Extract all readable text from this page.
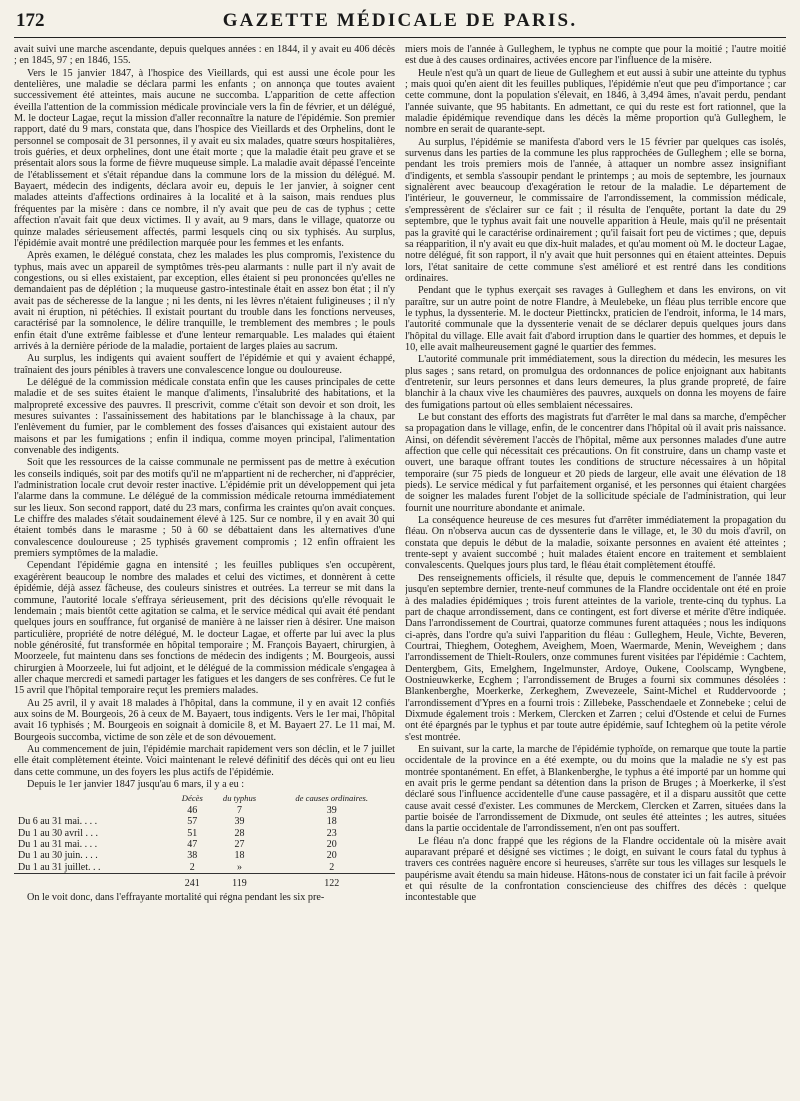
172	GAZETTE MÉDICALE DE PARIS.

avait suivi une marche ascendante, depuis quelques années : en 1844, il y avait eu 406 décès ; en 1845, 97 ; en 1846, 155.

Vers le 15 janvier 1847, à l'hospice des Vieillards, qui est aussi une école pour les dentelières, une maladie se déclara parmi les enfants ; on annonça que toutes avaient successivement été atteintes, mais aucune ne succomba. L'apparition de cette affection éveilla l'attention de la commission médicale provinciale vers la fin de février, et un délégué, M. le docteur Lagae, reçut la mission d'aller reconnaître la nature de l'épidémie. Son premier rapport, daté du 9 mars, constata que, dans l'hospice des Vieillards et des Orphelins, dont le personnel se composait de 31 personnes, il y avait eu six malades, quatre sœurs hospitalières, trois guéries, et deux orphelines, dont une était morte ; que la maladie était peu grave et se présentait alors sous la forme de fièvre muqueuse simple. La maladie avait dépassé l'enceinte de l'établissement et s'était répandue dans la commune lors de la mission du délégué. M. Bayaert, médecin des indigents, déclara avoir eu, depuis le 1er janvier, à soigner cent malades atteints d'affections ordinaires à la localité et à la saison, mais rendues plus fréquentes par la misère : dans ce nombre, il n'y avait que peu de cas de typhus ; cette affection n'avait fait que deux victimes. Il y avait, au 9 mars, dans le village, quatorze ou quinze malades sérieusement affectés, parmi lesquels cinq ou six typhisés. Au surplus, l'épidémie avait montré une prédilection marquée pour les femmes et les enfants.

Après examen, le délégué constata, chez les malades les plus compromis, l'existence du typhus, mais avec un appareil de symptômes très-peu alarmants : nulle part il n'y avait de congestions, ou si elles existaient, par exception, elles étaient si peu prononcées qu'elles ne demandaient pas de déplétion ; la muqueuse gastro-intestinale était en assez bon état ; il n'y avait pas de sécheresse de la langue ; ni les dents, ni les lèvres n'étaient fuligineuses ; il n'y avait ni éruption, ni pétéchies. Il existait pourtant du trouble dans les fonctions nerveuses, caractérisé par la somnolence, le délire tranquille, le tremblement des membres ; le pouls enfin était d'une extrême faiblesse et d'une lenteur remarquable. Les malades qui étaient arrivés à la dernière période de la maladie, portaient de larges plaies au sacrum.

Au surplus, les indigents qui avaient souffert de l'épidémie et qui y avaient échappé, traînaient des jours pénibles à travers une convalescence longue ou douloureuse.

Le délégué de la commission médicale constata enfin que les causes principales de cette maladie et de ses suites étaient le manque d'aliments, l'insalubrité des habitations, et la malpropreté excessive des pauvres. Il prescrivit, comme c'était son devoir et son droit, les mesures suivantes : l'assainissement des habitations par le blanchissage à la chaux, par l'enlèvement du fumier, par le comblement des fosses d'aisances qui existaient autour des maisons et par les fumigations ; enfin il indiqua, comme moyen principal, l'alimentation convenable des indigents.

Soit que les ressources de la caisse communale ne permissent pas de mettre à exécution les conseils indiqués, soit par des motifs qu'il ne m'appartient ni de rechercher, ni d'apprécier, l'administration locale crut devoir rester inactive. L'épidémie prit un développement qui jeta l'alarme dans la commune. Le délégué de la commission médicale retourna immédiatement sur les lieux. Son second rapport, daté du 23 mars, confirma les craintes qu'on avait conçues. Le chiffre des malades s'était soudainement élevé à 125. Sur ce nombre, il y en avait 30 qui étaient tombés dans le marasme ; 50 à 60 se débattaient dans les alternatives d'une convalescence douloureuse ; 25 typhisés gravement compromis ; 12 enfin offraient les premiers symptômes de la maladie.

Cependant l'épidémie gagna en intensité ; les feuilles publiques s'en occupèrent, exagérèrent beaucoup le nombre des malades et celui des victimes, et donnèrent à cette épidémie, déjà assez fâcheuse, des couleurs sinistres et outrées. La terreur se mit dans la commune, l'autorité locale s'effraya sérieusement, prit des décisions qu'elle révoquait le lendemain ; mais bientôt cette agitation se calma, et le service médical qui avait été pendant quelques jours en souffrance, fut organisé de manière à ne laisser rien à désirer. Une maison particulière, propriété de notre délégué, M. le docteur Lagae, et offerte par lui avec la plus noble générosité, fut transformée en hôpital temporaire ; M. François Bayaert, chirurgien, à Moorzeele, fut maintenu dans ses fonctions de médecin des indigents ; M. Bourgeois, aussi chirurgien à Moorzeele, lui fut adjoint, et le délégué de la commission médicale s'engagea à aller chaque mercredi et samedi partager les fatigues et les dangers de ses confrères. Ce fut le 15 avril que l'hôpital temporaire reçut les premiers malades.

Au 25 avril, il y avait 18 malades à l'hôpital, dans la commune, il y en avait 12 confiés aux soins de M. Bourgeois, 26 à ceux de M. Bayaert, tous indigents. Vers le 1er mai, l'hôpital avait 16 typhisés ; M. Bourgeois en soignait à domicile 8, et M. Bayaert 27. Le 11 mai, M. Bourgeois succomba, victime de son zèle et de son dévouement.

Au commencement de juin, l'épidémie marchait rapidement vers son déclin, et le 7 juillet elle était complètement éteinte. Voici maintenant le relevé définitif des décès qui ont eu lieu dans cette commune, un des foyers les plus actifs de l'épidémie.

Depuis le 1er janvier 1847 jusqu'au 6 mars, il y a eu :

	Décès	du typhus	de causes ordinaires.
	46	7	39
Du 6 au 31 mai. . . .	57	39	18
Du 1 au 30 avril . . .	51	28	23
Du 1 au 31 mai. . . .	47	27	20
Du 1 au 30 juin. . . .	38	18	20
Du 1 au 31 juillet. . .	2	»	2

	241	119	122

On le voit donc, dans l'effrayante mortalité qui régna pendant les six pre-

miers mois de l'année à Gulleghem, le typhus ne compte que pour la moitié ; l'autre moitié est due à des causes ordinaires, activées encore par l'influence de la misère.

Heule n'est qu'à un quart de lieue de Gulleghem et eut aussi à subir une atteinte du typhus ; mais quoi qu'en aient dit les feuilles publiques, l'épidémie n'eut que peu d'importance ; car cette commune, dont la population s'élevait, en 1846, à 3,494 âmes, n'avait perdu, pendant l'année suivante, que 95 habitants. En admettant, ce qui du reste est fort rationnel, que la maladie épidémique revendique dans les décès la même proportion qu'à Gulleghem, le nombre en serait de quarante-sept.

Au surplus, l'épidémie se manifesta d'abord vers le 15 février par quelques cas isolés, survenus dans les parties de la commune les plus rapprochées de Gulleghem ; elle se borna, pendant les trois premiers mois de l'année, à attaquer un nombre assez insignifiant d'indigents, et sembla s'assoupir pendant le printemps ; au mois de septembre, les journaux signalèrent avec beaucoup d'exagération le retour de la maladie. Le département de l'intérieur, le gouverneur, le commissaire de l'arrondissement, la commission médicale, s'empressèrent de s'éclairer sur ce fait ; il résulta de l'enquête, portant la date du 29 septembre, que le typhus avait fait une nouvelle apparition à Heule, mais qu'il ne présentait pas la gravité qui le caractérise ordinairement ; qu'il faisait fort peu de victimes ; que, depuis sa réapparition, il n'y avait eu que dix-huit malades, et qu'au moment où M. le docteur Lagae, notre délégué, fit son rapport, il n'y avait que huit personnes qui en étaient atteintes. Depuis lors, l'état sanitaire de cette commune s'est amélioré et est rentré dans les conditions ordinaires.

Pendant que le typhus exerçait ses ravages à Gulleghem et dans les environs, on vit paraître, sur un autre point de notre Flandre, à Meulebeke, un fléau plus terrible encore que le typhus, la dyssenterie. M. le docteur Piettinckx, praticien de l'endroit, informa, le 14 mars, l'autorité communale que la dyssenterie venait de se déclarer depuis quelques jours dans l'hôpital du village. Elle avait fait d'abord irruption dans le quartier des hommes, et depuis le 10, elle avait malheureusement gagné le quartier des femmes.

L'autorité communale prit immédiatement, sous la direction du médecin, les mesures les plus sages ; sans retard, on promulgua des ordonnances de police enjoignant aux habitants d'entretenir, sur leurs personnes et dans leurs demeures, la plus grande propreté, de faire blanchir à la chaux vive les chaumières des pauvres, auxquels on donna les moyens de faire des fumigations partout où elles semblaient nécessaires.

Le but constant des efforts des magistrats fut d'arrêter le mal dans sa marche, d'empêcher sa propagation dans le village, enfin, de le concentrer dans l'hôpital où il avait pris naissance. Ainsi, on défendit sévèrement l'accès de l'hôpital, même aux personnes malades d'une autre affection que celle qui nécessitait ces précautions. On fit construire, dans un champ vaste et ouvert, une baraque offrant toutes les conditions de structure nécessaires à un hôpital temporaire (sur 75 pieds de longueur et 20 pieds de largeur, elle avait une élévation de 18 pieds). Le service médical y fut parfaitement organisé, et les personnes qui étaient chargées de soigner les malades furent l'objet de la sollicitude spéciale de l'administration, qui leur fournit une nourriture abondante et animale.

La conséquence heureuse de ces mesures fut d'arrêter immédiatement la propagation du fléau. On n'observa aucun cas de dyssenterie dans le village, et, le 30 du mois d'avril, on constata que depuis le début de la maladie, soixante personnes en avaient été atteintes ; trente-sept y avaient succombé ; huit malades étaient encore en traitement et semblaient convalescents. Quelques jours plus tard, le fléau était complètement étouffé.

Des renseignements officiels, il résulte que, depuis le commencement de l'année 1847 jusqu'en septembre dernier, trente-neuf communes de la Flandre occidentale ont été en proie à des maladies épidémiques ; trois furent atteintes de la variole, trente-cinq du typhus. La part de chaque arrondissement, dans ce contingent, est fort diverse et mérite d'être indiquée. Dans l'arrondissement de Courtrai, quatorze communes furent attaquées ; nous les indiquons ci-après, dans l'ordre qu'a suivi l'apparition du fléau : Gulleghem, Heule, Vichte, Beveren, Courtrai, Thieghem, Ooteghem, Aveighem, Moen, Waermarde, Menin, Weveighem ; dans l'arrondissement de Thielt-Roulers, onze communes furent visitées par l'épidémie : Cachtem, Dentergbem, Gits, Emelghem, Ingelmunster, Ardoye, Oukene, Coolscamp, Wyngbene, Oostnieuwkerke, Ecghem ; l'arrondissement de Bruges a fourni six communes désolées : Blankenberghe, Moerkerke, Zerkeghem, Zwevezeele, Saint-Michel et Ruddervoorde ; l'arrondissement d'Ypres en a fourni trois : Zillebeke, Passchendaele et Zonnebeke ; celui de Dixmude également trois : Merkem, Clercken et Zarren ; celui d'Ostende et celui de Furnes ont été épargnés par le typhus et par toute autre épidémie, sauf Ichteghem où la petite vérole s'est montrée.

En suivant, sur la carte, la marche de l'épidémie typhoïde, on remarque que toute la partie occidentale de la province en a été exempte, ou du moins que la maladie ne s'y est pas montrée spontanément. En effet, à Blankenberghe, le typhus a été importé par un homme qui en avait pris le germe pendant sa détention dans la prison de Bruges ; à Moerkerke, il s'est déclaré sous l'influence accidentelle d'une cause passagère, et il a disparu aussitôt que cette cause avait cessé d'exister. Les communes de Merckem, Clercken et Zarren, situées dans la partie boisée de l'arrondissement de Dixmude, ont seules été atteintes ; les autres, situées dans la partie occidentale de l'arrondissement, n'en ont pas souffert.

Le fléau n'a donc frappé que les régions de la Flandre occidentale où la misère avait auparavant préparé et désigné ses victimes ; le doigt, en suivant le cours fatal du typhus à travers ces contrées naguère encore si heureuses, s'arrête sur tous les villages sur lesquels le paupérisme avait étendu sa main hideuse. Hâtons-nous de constater ici un fait facile à prévoir et qui résulte de la confrontation consciencieuse des chiffres des décès : quelque incontestable que
